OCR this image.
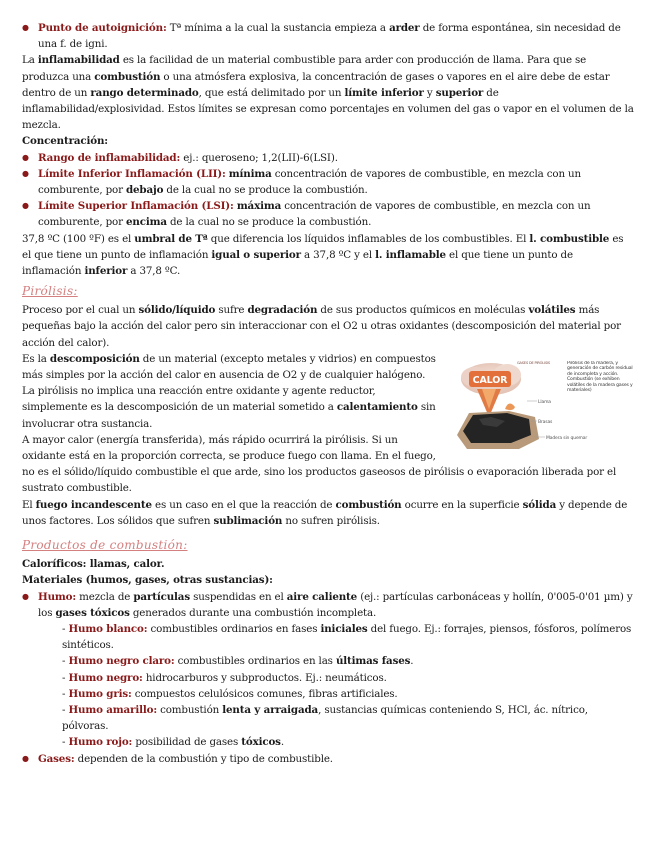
● Punto de autoignición: Tª mínima a la cual la sustancia empieza a arder de forma espontánea, sin necesidad de una f. de igni.

La inflamabilidad es la facilidad de un material combustible para arder con producción de llama. Para que se produzca una combustión o una atmósfera explosiva, la concentración de gases o vapores en el aire debe de estar dentro de un rango determinado, que está delimitado por un límite inferior y superior de inflamabilidad/explosividad. Estos límites se expresan como porcentajes en volumen del gas o vapor en el volumen de la mezcla.

Concentración:

● Rango de inflamabilidad: ej.: queroseno; 1,2(LII)-6(LSI).

● Límite Inferior Inflamación (LII): mínima concentración de vapores de combustible, en mezcla con un comburente, por debajo de la cual no se produce la combustión.

● Límite Superior Inflamación (LSI): máxima concentración de vapores de combustible, en mezcla con un comburente, por encima de la cual no se produce la combustión.

37,8 ºC (100 ºF) es el umbral de Tª que diferencia los líquidos inflamables de los combustibles. El l. combustible es el que tiene un punto de inflamación igual o superior a 37,8 ºC y el l. inflamable el que tiene un punto de inflamación inferior a 37,8 ºC.

Pirólisis:

Proceso por el cual un sólido/líquido sufre degradación de sus productos químicos en moléculas volátiles más pequeñas bajo la acción del calor pero sin interaccionar con el O2 u otras oxidantes (descomposición del material por acción del calor).

CALOR
GASES DE PIRÓLISIS
Llama
Brasas
Madera sin quemar
Pirólisis de la madera, y generación de carbón residual de incompleta y acción. Combustión (se exhiben volátiles de la madera gases y materiales)

Es la descomposición de un material (excepto metales y vidrios) en compuestos más simples por la acción del calor en ausencia de O2 y de cualquier halógeno. La pirólisis no implica una reacción entre oxidante y agente reductor, simplemente es la descomposición de un material sometido a calentamiento sin involucrar otra sustancia.

A mayor calor (energía transferida), más rápido ocurrirá la pirólisis. Si un oxidante está en la proporción correcta, se produce fuego con llama. En el fuego, no es el sólido/líquido combustible el que arde, sino los productos gaseosos de pirólisis o evaporación liberada por el sustrato combustible.

El fuego incandescente es un caso en el que la reacción de combustión ocurre en la superficie sólida y depende de unos factores. Los sólidos que sufren sublimación no sufren pirólisis.

Productos de combustión:

Caloríficos: llamas, calor.

Materiales (humos, gases, otras sustancias):

● Humo: mezcla de partículas suspendidas en el aire caliente (ej.: partículas carbonáceas y hollín, 0'005-0'01 µm) y los gases tóxicos generados durante una combustión incompleta.

- Humo blanco: combustibles ordinarios en fases iniciales del fuego. Ej.: forrajes, piensos, fósforos, polímeros sintéticos.

- Humo negro claro: combustibles ordinarios en las últimas fases.

- Humo negro: hidrocarburos y subproductos. Ej.: neumáticos.

- Humo gris: compuestos celulósicos comunes, fibras artificiales.

- Humo amarillo: combustión lenta y arraigada, sustancias químicas conteniendo S, HCl, ác. nítrico, pólvoras.

- Humo rojo: posibilidad de gases tóxicos.

● Gases: dependen de la combustión y tipo de combustible.
